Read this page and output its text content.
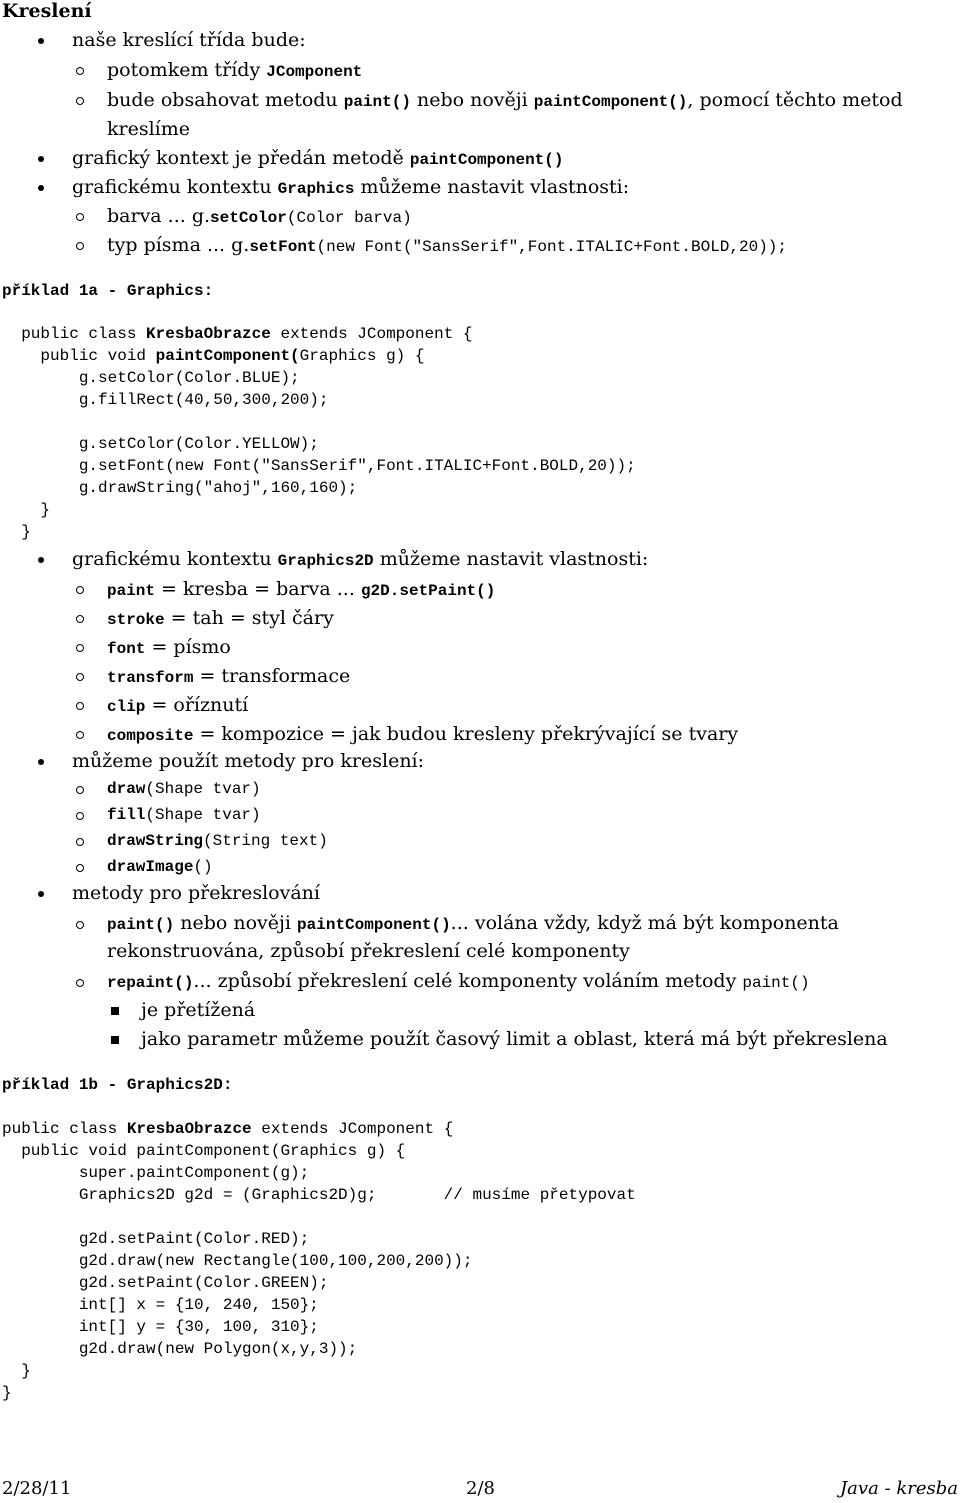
Kreslení
naše kreslící třída bude:
potomkem třídy JComponent
bude obsahovat metodu paint() nebo nověji paintComponent(), pomocí těchto metod
kreslíme
grafický kontext je předán metodě paintComponent()
grafickému kontextu Graphics můžeme nastavit vlastnosti:
barva ... g.setColor(Color barva)
typ písma ... g.setFont(new Font("SansSerif",Font.ITALIC+Font.BOLD,20));
příklad 1a - Graphics:
public class KresbaObrazce extends JComponent {
public void paintComponent(Graphics g) {
g.setColor(Color.BLUE);
g.fillRect(40,50,300,200);
g.setColor(Color.YELLOW);
g.setFont(new Font("SansSerif",Font.ITALIC+Font.BOLD,20));
g.drawString("ahoj",160,160);
}
}
grafickému kontextu Graphics2D můžeme nastavit vlastnosti:
paint = kresba = barva ... g2D.setPaint()
stroke = tah = styl čáry
font = písmo
transform = transformace
clip = oříznutí
composite = kompozice = jak budou kresleny překrývající se tvary
můžeme použít metody pro kreslení:
draw(Shape tvar)
fill(Shape tvar)
drawString(String text)
drawImage()
metody pro překreslování
paint() nebo nověji paintComponent()... volána vždy, když má být komponenta
rekonstruována, způsobí překreslení celé komponenty
repaint()... způsobí překreslení celé komponenty voláním metody paint()
je přetížená
jako parametr můžeme použít časový limit a oblast, která má být překreslena
příklad 1b - Graphics2D:
public class KresbaObrazce extends JComponent {
public void paintComponent(Graphics g) {
super.paintComponent(g);
Graphics2D g2d = (Graphics2D)g;       // musíme přetypovat
g2d.setPaint(Color.RED);
g2d.draw(new Rectangle(100,100,200,200));
g2d.setPaint(Color.GREEN);
int[] x = {10, 240, 150};
int[] y = {30, 100, 310};
g2d.draw(new Polygon(x,y,3));
}
}
2/28/11	2/8	Java - kresba
